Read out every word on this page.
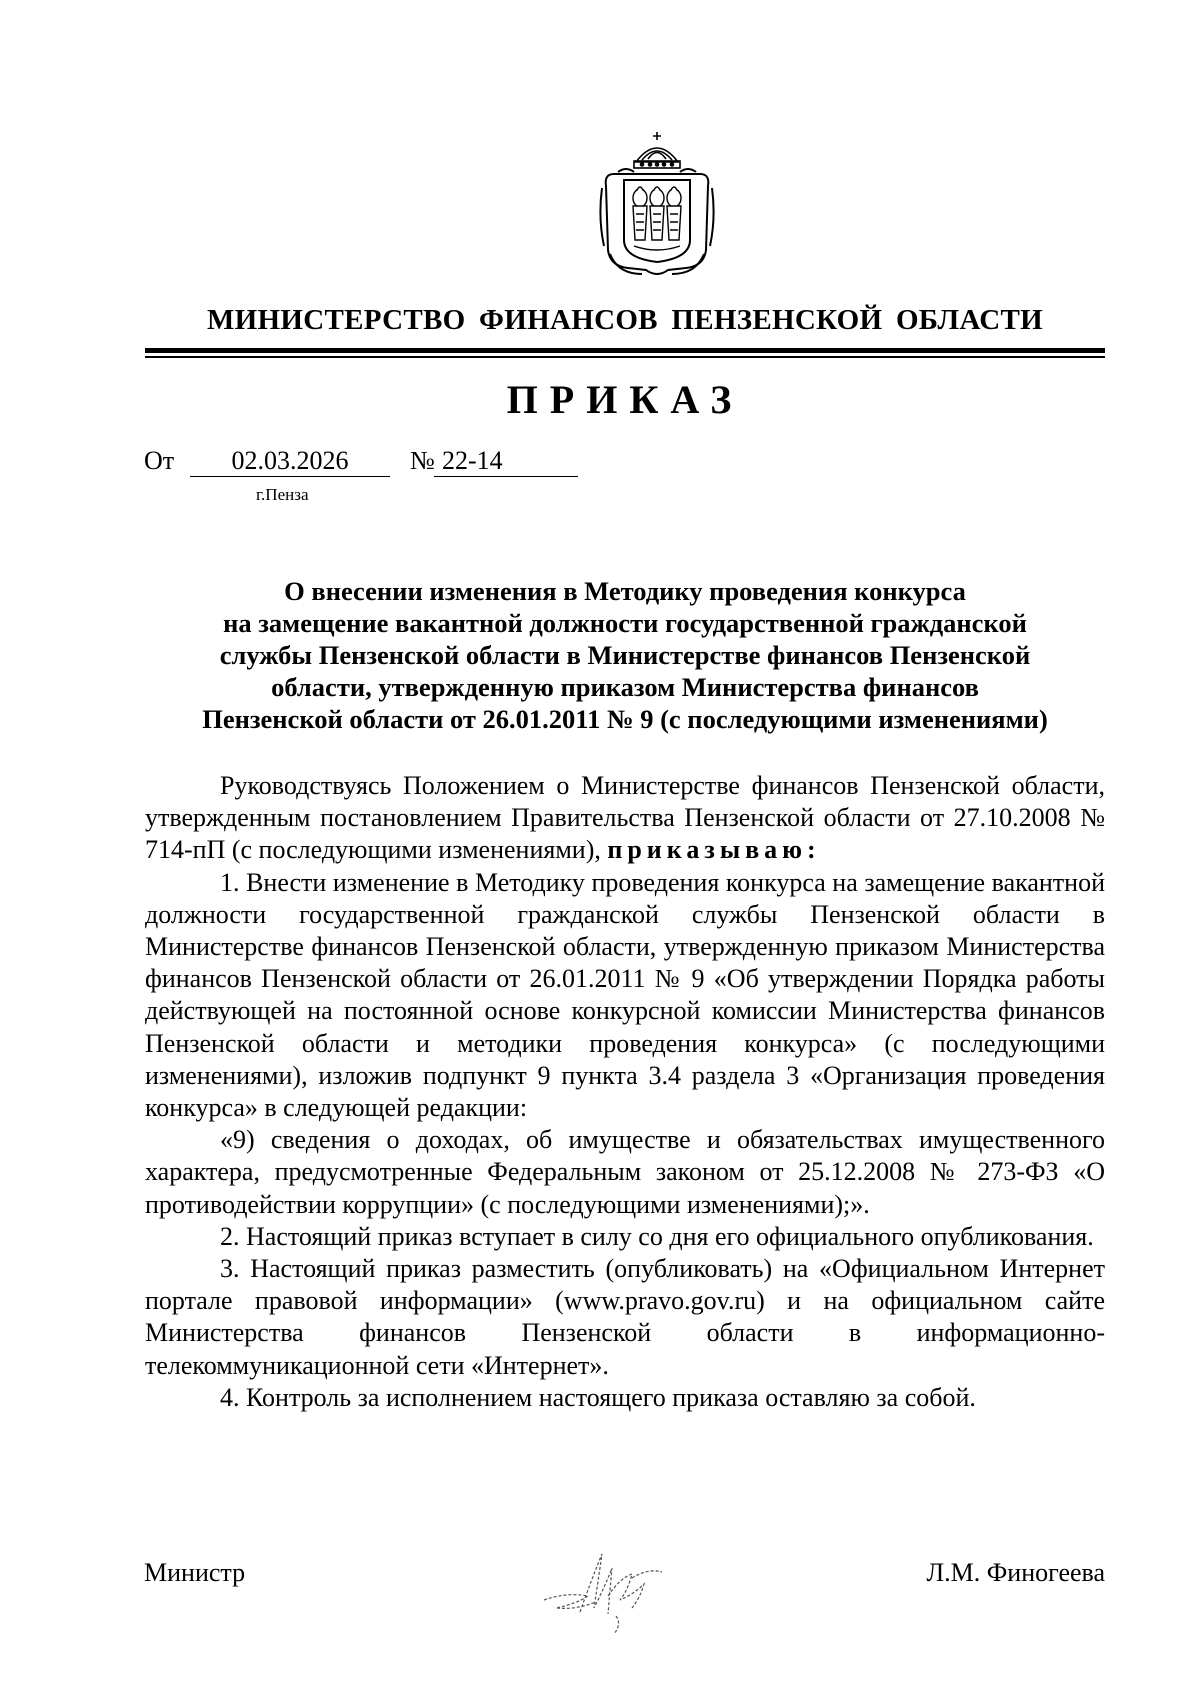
МИНИСТЕРСТВО ФИНАНСОВ ПЕНЗЕНСКОЙ ОБЛАСТИ
ПРИКАЗ
От	02.03.2026	№ 22-14
г.Пенза
О внесении изменения в Методику проведения конкурса
на замещение вакантной должности государственной гражданской
службы Пензенской области в Министерстве финансов Пензенской
области, утвержденную приказом Министерства финансов
Пензенской области от 26.01.2011 № 9 (с последующими изменениями)

Руководствуясь Положением о Министерстве финансов Пензенской области, утвержденным постановлением Правительства Пензенской области от 27.10.2008 № 714-пП (с последующими изменениями), приказываю:

1. Внести изменение в Методику проведения конкурса на замещение вакантной должности государственной гражданской службы Пензенской области в Министерстве финансов Пензенской области, утвержденную приказом Министерства финансов Пензенской области от 26.01.2011 № 9 «Об утверждении Порядка работы действующей на постоянной основе конкурсной комиссии Министерства финансов Пензенской области и методики проведения конкурса» (с последующими изменениями), изложив подпункт 9 пункта 3.4 раздела 3 «Организация проведения конкурса» в следующей редакции:

«9) сведения о доходах, об имуществе и обязательствах имущественного характера, предусмотренные Федеральным законом от 25.12.2008 № 273-ФЗ «О противодействии коррупции» (с последующими изменениями);».

2. Настоящий приказ вступает в силу со дня его официального опубликования.

3. Настоящий приказ разместить (опубликовать) на «Официальном Интернет портале правовой информации» (www.pravo.gov.ru) и на официальном сайте Министерства финансов Пензенской области в информационно-телекоммуникационной сети «Интернет».

4. Контроль за исполнением настоящего приказа оставляю за собой.

Министр	Л.М. Финогеева
